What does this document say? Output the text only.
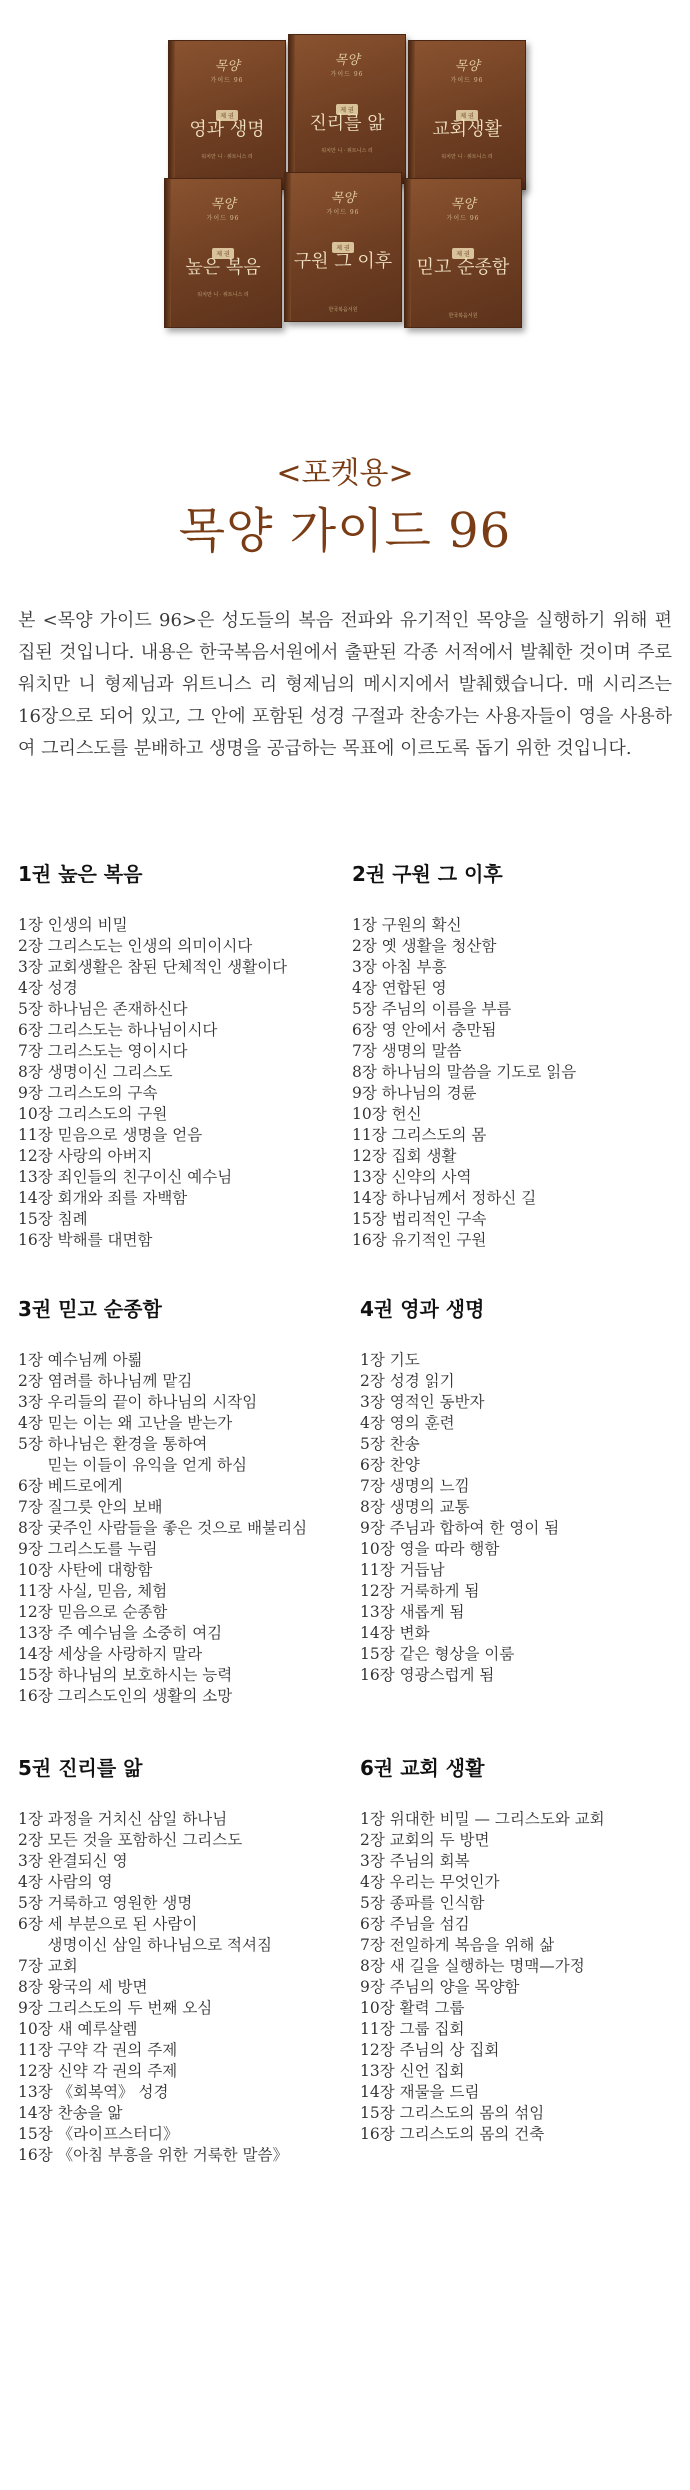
목양
가이드 96
제 권
영과 생명
워치만 니 · 위트니스 리
목양
가이드 96
제 권
진리를 앎
워치만 니 · 위트니스 리
목양
가이드 96
제 권
교회생활
워치만 니 · 위트니스 리
목양
가이드 96
제 권
높은 복음
워치만 니 · 위트니스 리
목양
가이드 96
제 권
구원 그 이후
한국복음서원
목양
가이드 96
제 권
믿고 순종함
한국복음서원
<포켓용>
목양 가이드 96

본 <목양 가이드 96>은 성도들의 복음 전파와 유기적인 목양을 실행하기 위해 편집된 것입니다. 내용은 한국복음서원에서 출판된 각종 서적에서 발췌한 것이며 주로 워치만 니 형제님과 위트니스 리 형제님의 메시지에서 발췌했습니다. 매 시리즈는 16장으로 되어 있고, 그 안에 포함된 성경 구절과 찬송가는 사용자들이 영을 사용하여 그리스도를 분배하고 생명을 공급하는 목표에 이르도록 돕기 위한 것입니다.

1권 높은 복음
1장 인생의 비밀
2장 그리스도는 인생의 의미이시다
3장 교회생활은 참된 단체적인 생활이다
4장 성경
5장 하나님은 존재하신다
6장 그리스도는 하나님이시다
7장 그리스도는 영이시다
8장 생명이신 그리스도
9장 그리스도의 구속
10장 그리스도의 구원
11장 믿음으로 생명을 얻음
12장 사랑의 아버지
13장 죄인들의 친구이신 예수님
14장 회개와 죄를 자백함
15장 침례
16장 박해를 대면함
2권 구원 그 이후
1장 구원의 확신
2장 옛 생활을 청산함
3장 아침 부흥
4장 연합된 영
5장 주님의 이름을 부름
6장 영 안에서 충만됨
7장 생명의 말씀
8장 하나님의 말씀을 기도로 읽음
9장 하나님의 경륜
10장 헌신
11장 그리스도의 몸
12장 집회 생활
13장 신약의 사역
14장 하나님께서 정하신 길
15장 법리적인 구속
16장 유기적인 구원
3권 믿고 순종함
1장 예수님께 아뢺
2장 염려를 하나님께 맡김
3장 우리들의 끝이 하나님의 시작임
4장 믿는 이는 왜 고난을 받는가
5장 하나님은 환경을 통하여
믿는 이들이 유익을 얻게 하심
6장 베드로에게
7장 질그릇 안의 보배
8장 궂주인 사람들을 좋은 것으로 배불리심
9장 그리스도를 누림
10장 사탄에 대항함
11장 사실, 믿음, 체험
12장 믿음으로 순종함
13장 주 예수님을 소중히 여김
14장 세상을 사랑하지 말라
15장 하나님의 보호하시는 능력
16장 그리스도인의 생활의 소망
4권 영과 생명
1장 기도
2장 성경 읽기
3장 영적인 동반자
4장 영의 훈련
5장 찬송
6장 찬양
7장 생명의 느낌
8장 생명의 교통
9장 주님과 합하여 한 영이 됨
10장 영을 따라 행함
11장 거듭남
12장 거룩하게 됨
13장 새롭게 됨
14장 변화
15장 같은 형상을 이룸
16장 영광스럽게 됨
5권 진리를 앎
1장 과정을 거치신 삼일 하나님
2장 모든 것을 포함하신 그리스도
3장 완결되신 영
4장 사람의 영
5장 거룩하고 영원한 생명
6장 세 부분으로 된 사람이
생명이신 삼일 하나님으로 적셔짐
7장 교회
8장 왕국의 세 방면
9장 그리스도의 두 번째 오심
10장 새 예루살렘
11장 구약 각 권의 주제
12장 신약 각 권의 주제
13장 《회복역》 성경
14장 찬송을 앎
15장 《라이프스터디》
16장 《아침 부흥을 위한 거룩한 말씀》
6권 교회 생활
1장 위대한 비밀 — 그리스도와 교회
2장 교회의 두 방면
3장 주님의 회복
4장 우리는 무엇인가
5장 종파를 인식함
6장 주님을 섬김
7장 전일하게 복음을 위해 삶
8장 새 길을 실행하는 명맥—가정
9장 주님의 양을 목양함
10장 활력 그룹
11장 그룹 집회
12장 주님의 상 집회
13장 신언 집회
14장 재물을 드림
15장 그리스도의 몸의 섞임
16장 그리스도의 몸의 건축
